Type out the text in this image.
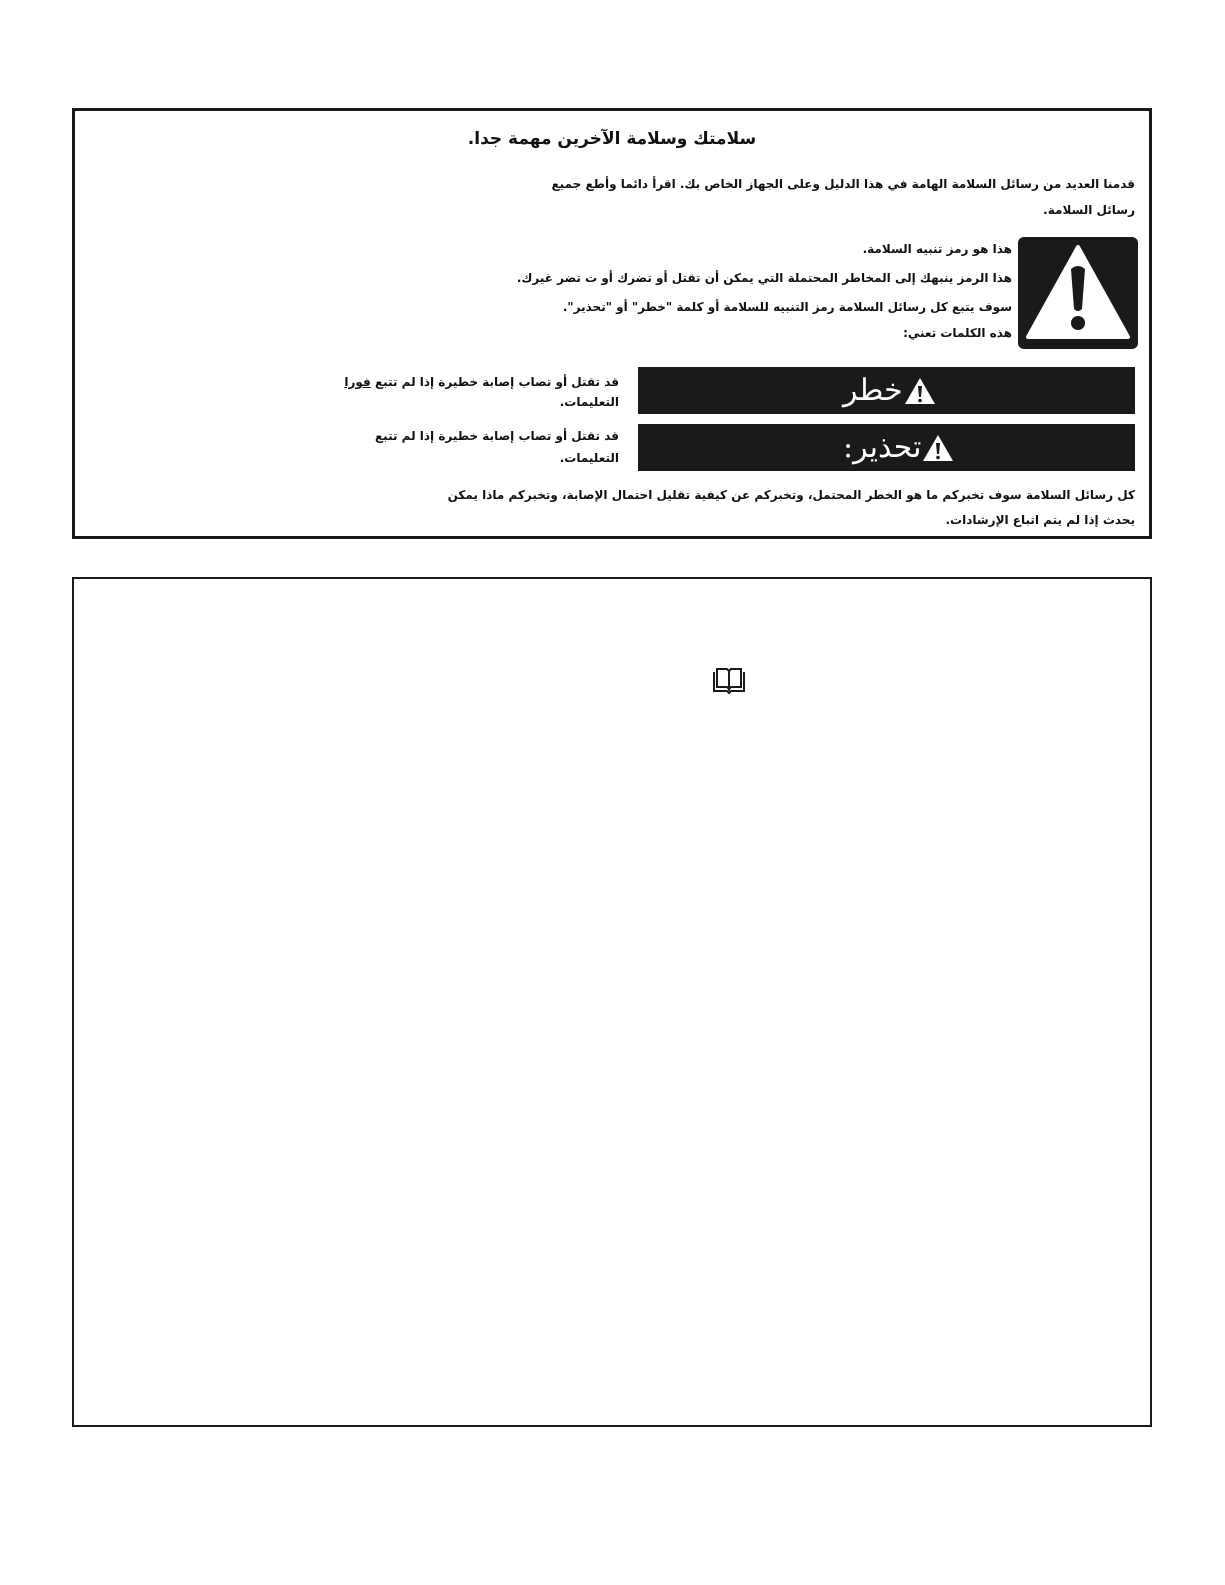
سلامتك وسلامة الآخرين مهمة جدا.
قدمنا العديد من رسائل السلامة الهامة في هذا الدليل وعلى الجهاز الخاص بك. اقرأ دائما وأطع جميع
رسائل السلامة.
هذا هو رمز تنبيه السلامة.
هذا الرمز ينبهك إلى المخاطر المحتملة التي يمكن أن تقتل أو تضرك أو ت تضر غيرك.
سوف يتبع كل رسائل السلامة رمز التنبيه للسلامة أو كلمة "خطر" أو "تحذير".
هذه الكلمات تعني:
خطر
قد تقتل أو تصاب إصابة خطيرة إذا لم تتبع فورا
التعليمات.
تحذير:
قد تقتل أو تصاب إصابة خطيرة إذا لم تتبع
التعليمات.
كل رسائل السلامة سوف تخبركم ما هو الخطر المحتمل، وتخبركم عن كيفية تقليل احتمال الإصابة، وتخبركم ماذا يمكن
يحدث إذا لم يتم اتباع الإرشادات.
